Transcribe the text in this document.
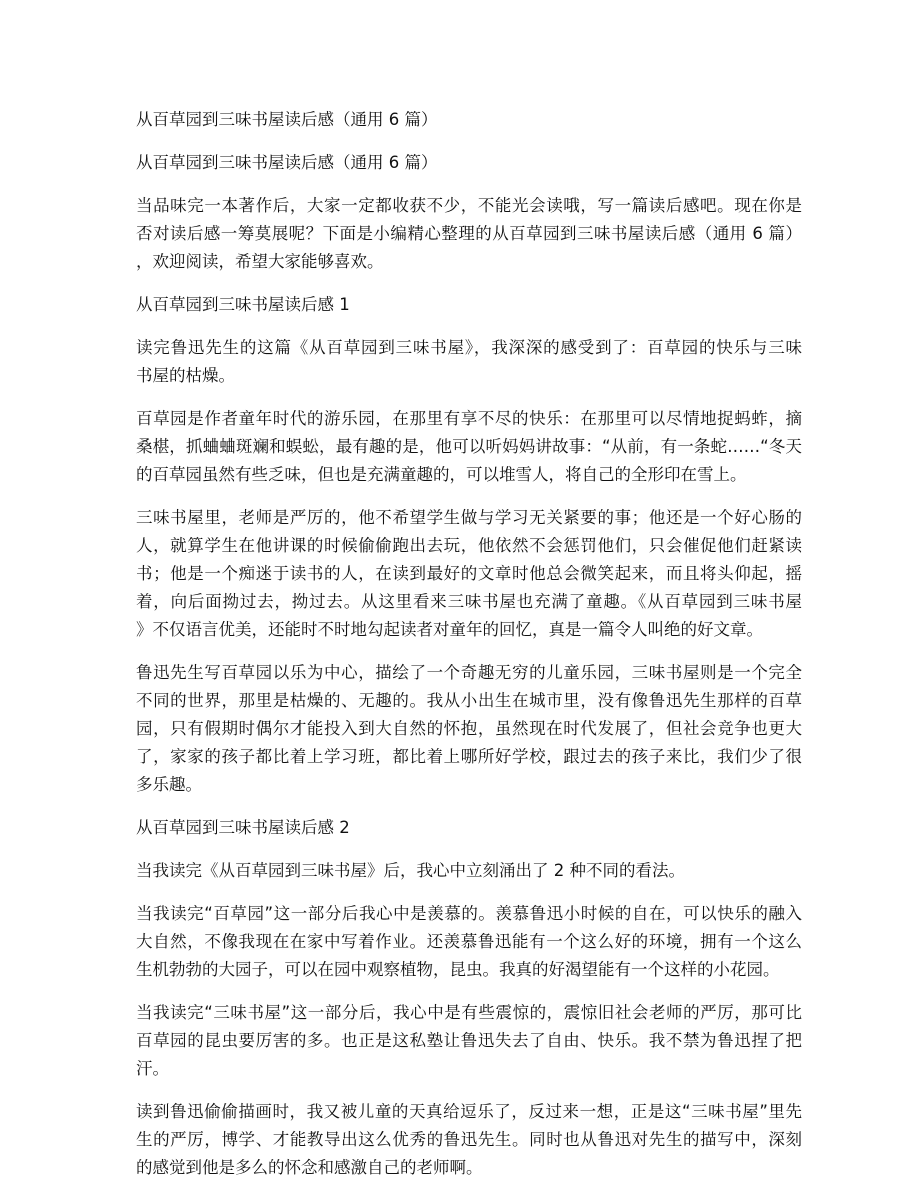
从百草园到三味书屋读后感（通用 6 篇）

从百草园到三味书屋读后感（通用 6 篇）

当品味完一本著作后，大家一定都收获不少，不能光会读哦，写一篇读后感吧。现在你是
否对读后感一筹莫展呢？下面是小编精心整理的从百草园到三味书屋读后感（通用 6 篇）
，欢迎阅读，希望大家能够喜欢。

从百草园到三味书屋读后感 1

读完鲁迅先生的这篇《从百草园到三味书屋》，我深深的感受到了：百草园的快乐与三味
书屋的枯燥。

百草园是作者童年时代的游乐园，在那里有享不尽的快乐：在那里可以尽情地捉蚂蚱，摘
桑椹，抓蛐蛐斑斓和蜈蚣，最有趣的是，他可以听妈妈讲故事：“从前，有一条蛇……“冬天
的百草园虽然有些乏味，但也是充满童趣的，可以堆雪人，将自己的全形印在雪上。

三味书屋里，老师是严厉的，他不希望学生做与学习无关紧要的事；他还是一个好心肠的
人，就算学生在他讲课的时候偷偷跑出去玩，他依然不会惩罚他们，只会催促他们赶紧读
书；他是一个痴迷于读书的人，在读到最好的文章时他总会微笑起来，而且将头仰起，摇
着，向后面拗过去，拗过去。从这里看来三味书屋也充满了童趣。《从百草园到三味书屋
》不仅语言优美，还能时不时地勾起读者对童年的回忆，真是一篇令人叫绝的好文章。

鲁迅先生写百草园以乐为中心，描绘了一个奇趣无穷的儿童乐园，三味书屋则是一个完全
不同的世界，那里是枯燥的、无趣的。我从小出生在城市里，没有像鲁迅先生那样的百草
园，只有假期时偶尔才能投入到大自然的怀抱，虽然现在时代发展了，但社会竞争也更大
了，家家的孩子都比着上学习班，都比着上哪所好学校，跟过去的孩子来比，我们少了很
多乐趣。

从百草园到三味书屋读后感 2

当我读完《从百草园到三味书屋》后，我心中立刻涌出了 2 种不同的看法。

当我读完“百草园”这一部分后我心中是羡慕的。羡慕鲁迅小时候的自在，可以快乐的融入
大自然，不像我现在在家中写着作业。还羡慕鲁迅能有一个这么好的环境，拥有一个这么
生机勃勃的大园子，可以在园中观察植物，昆虫。我真的好渴望能有一个这样的小花园。

当我读完“三味书屋”这一部分后，我心中是有些震惊的，震惊旧社会老师的严厉，那可比
百草园的昆虫要厉害的多。也正是这私塾让鲁迅失去了自由、快乐。我不禁为鲁迅捏了把
汗。

读到鲁迅偷偷描画时，我又被儿童的天真给逗乐了，反过来一想，正是这“三味书屋”里先
生的严厉，博学、才能教导出这么优秀的鲁迅先生。同时也从鲁迅对先生的描写中，深刻
的感觉到他是多么的怀念和感激自己的老师啊。
